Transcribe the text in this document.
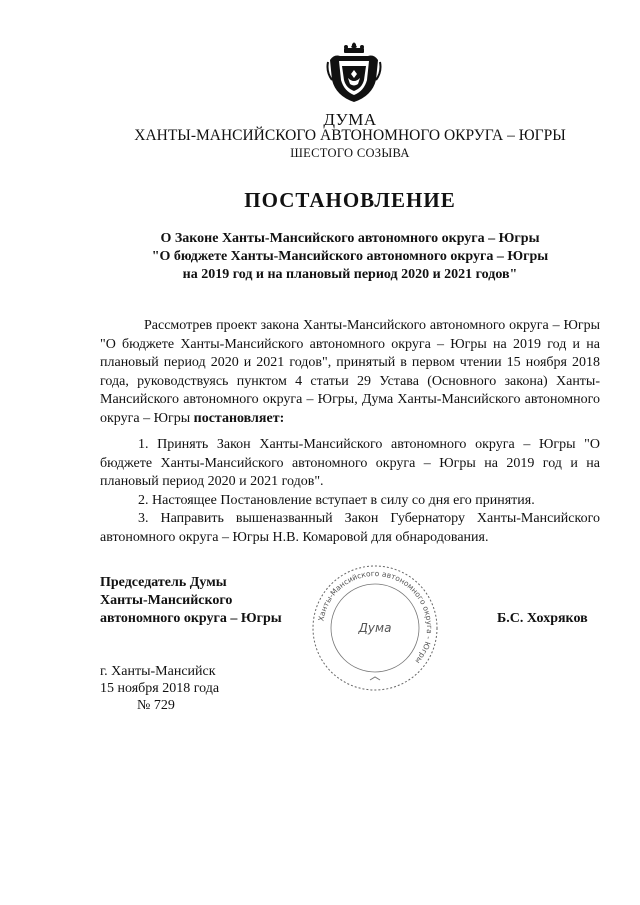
ДУМА
ХАНТЫ-МАНСИЙСКОГО АВТОНОМНОГО ОКРУГА – ЮГРЫ
ШЕСТОГО СОЗЫВА
ПОСТАНОВЛЕНИЕ
О Законе Ханты-Мансийского автономного округа – Югры
"О бюджете Ханты-Мансийского автономного округа – Югры
на 2019 год и на плановый период 2020 и 2021 годов"
Рассмотрев проект закона Ханты-Мансийского автономного округа – Югры "О бюджете Ханты-Мансийского автономного округа – Югры на 2019 год и на плановый период 2020 и 2021 годов", принятый в первом чтении 15 ноября 2018 года, руководствуясь пунктом 4 статьи 29 Устава (Основного закона) Ханты-Мансийского автономного округа – Югры, Дума Ханты-Мансийского автономного округа – Югры постановляет:
1. Принять Закон Ханты-Мансийского автономного округа – Югры "О бюджете Ханты-Мансийского автономного округа – Югры на 2019 год и на плановый период 2020 и 2021 годов".
2. Настоящее Постановление вступает в силу со дня его принятия.
3. Направить вышеназванный Закон Губернатору Ханты-Мансийского автономного округа – Югры Н.В. Комаровой для обнародования.
Председатель Думы
Ханты-Мансийского
автономного округа – Югры	Ханты-Мансийского автономного округа - Югры
Дума
Б.С. Хохряков
г. Ханты-Мансийск
15 ноября 2018 года
№ 729
